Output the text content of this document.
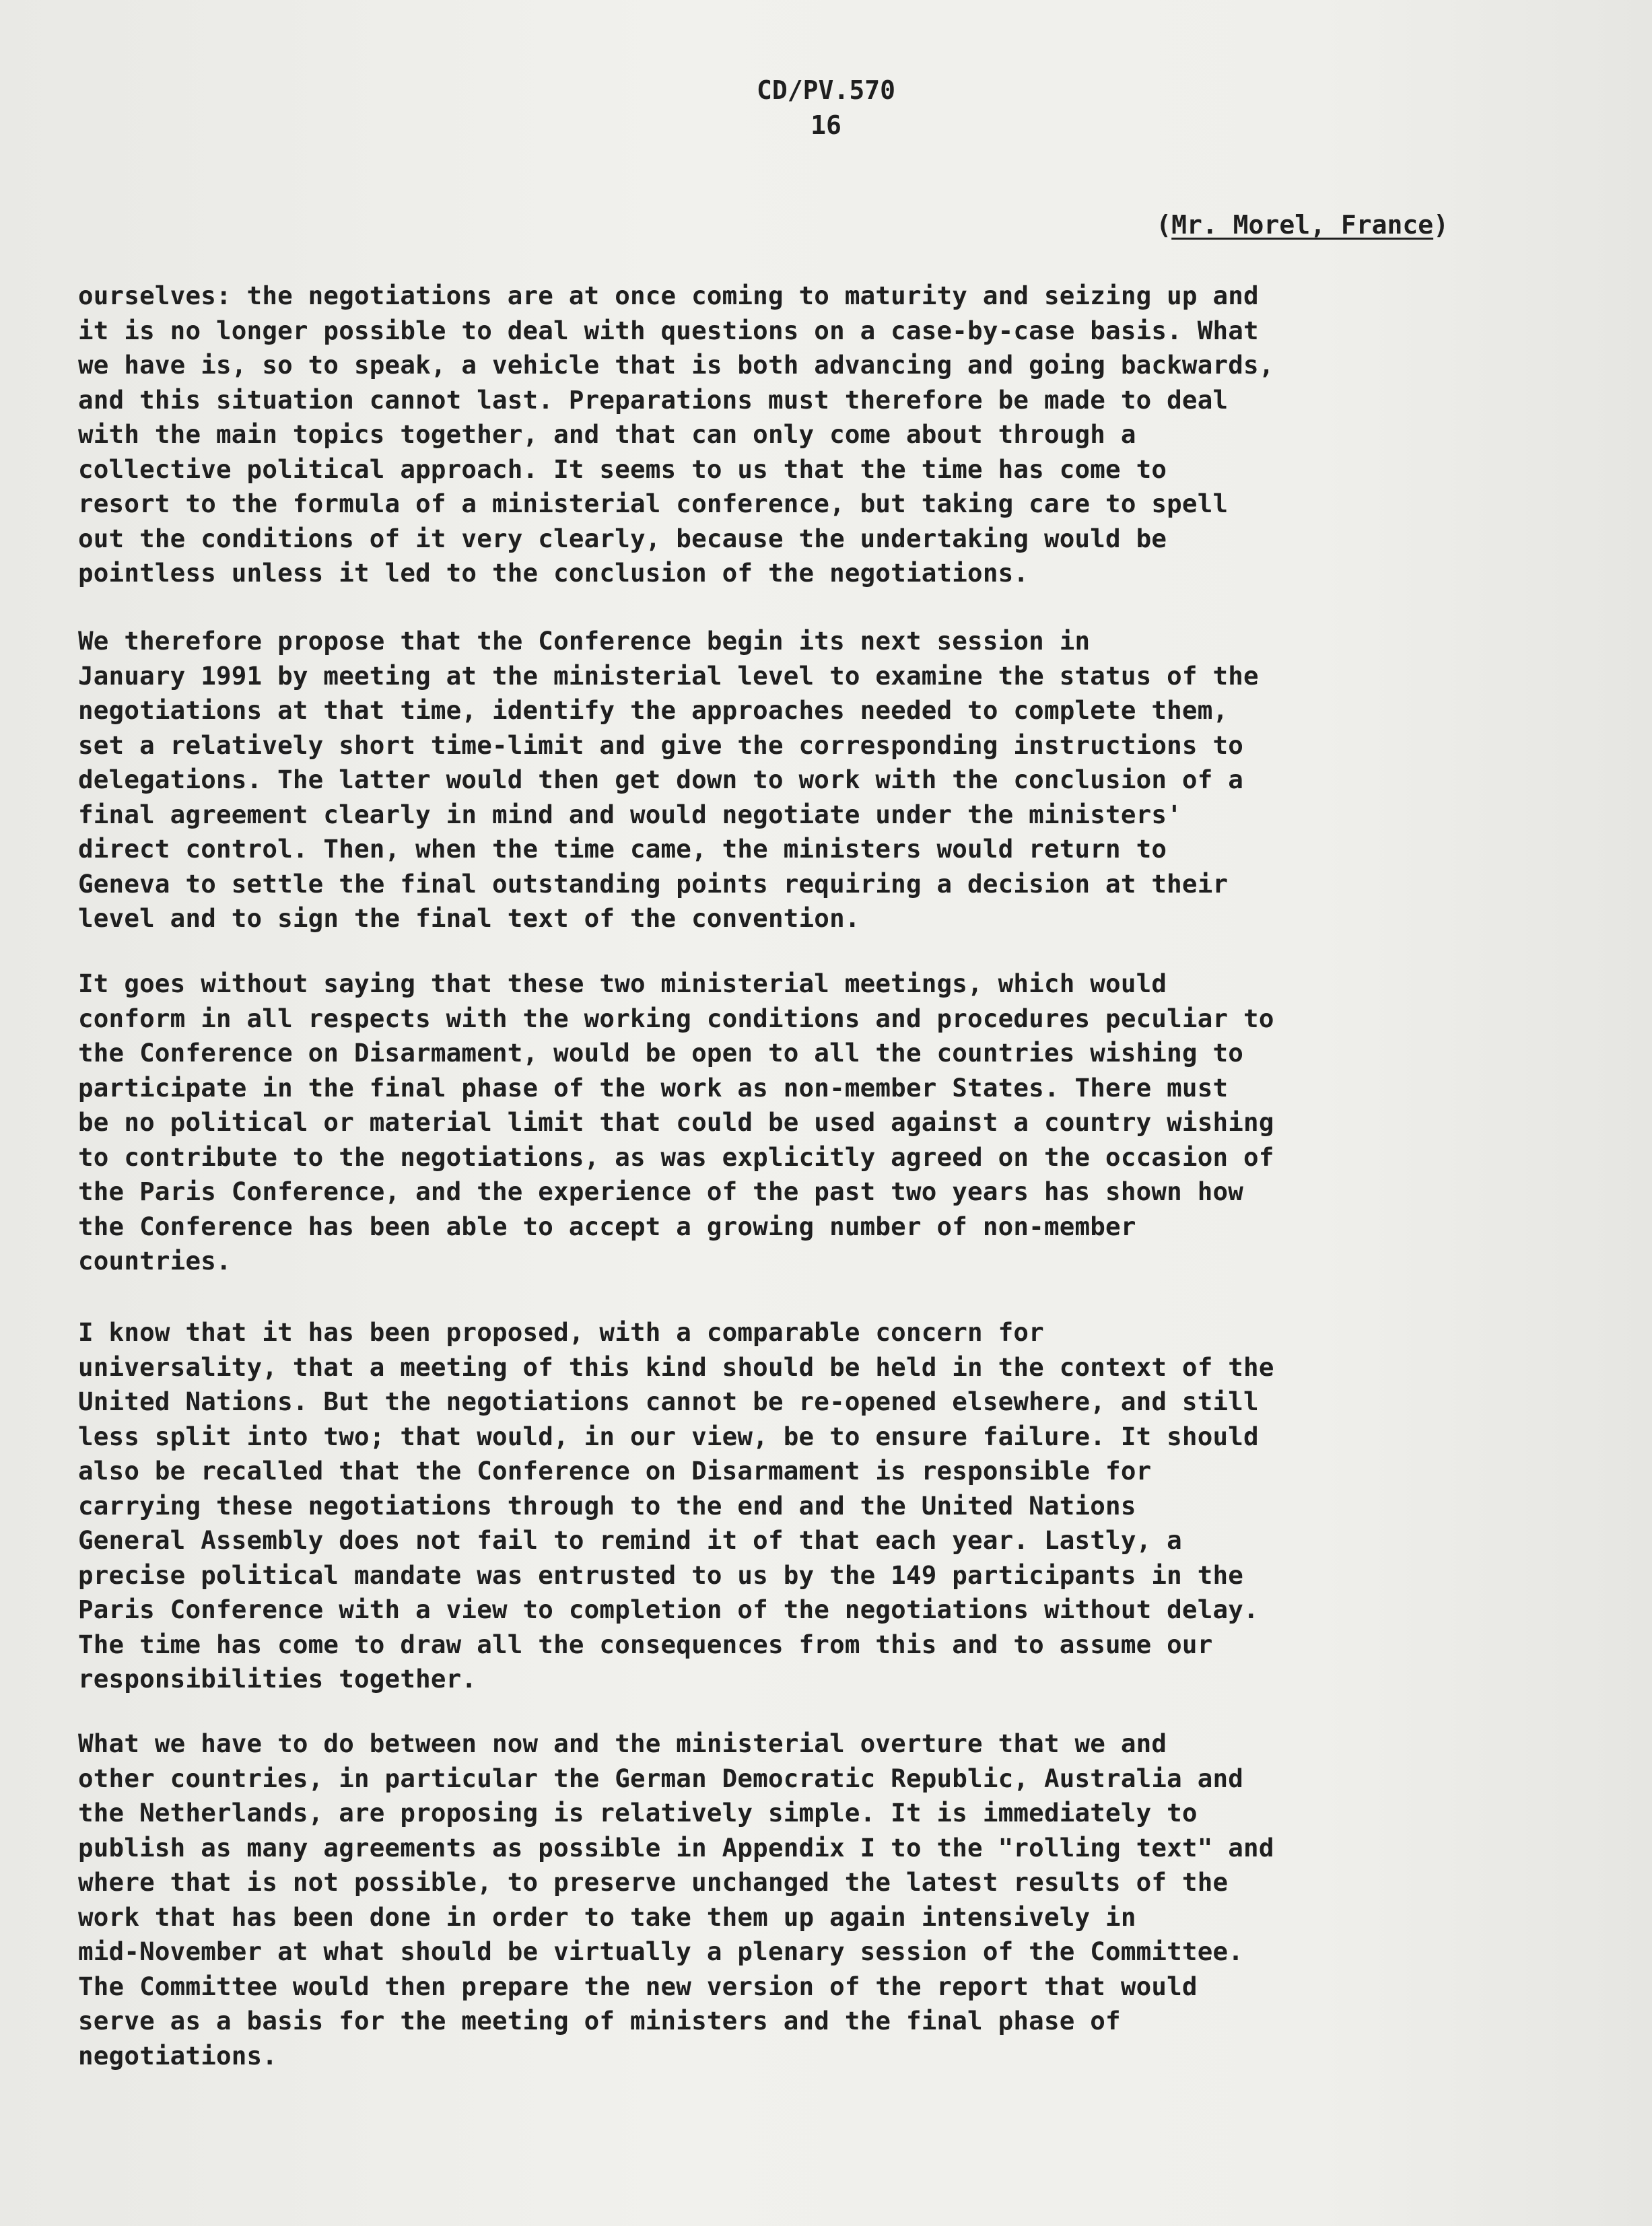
CD/PV.570
16
(Mr. Morel, France)
ourselves: the negotiations are at once coming to maturity and seizing up and
it is no longer possible to deal with questions on a case-by-case basis. What
we have is, so to speak, a vehicle that is both advancing and going backwards,
and this situation cannot last. Preparations must therefore be made to deal
with the main topics together, and that can only come about through a
collective political approach. It seems to us that the time has come to
resort to the formula of a ministerial conference, but taking care to spell
out the conditions of it very clearly, because the undertaking would be
pointless unless it led to the conclusion of the negotiations.
We therefore propose that the Conference begin its next session in
January 1991 by meeting at the ministerial level to examine the status of the
negotiations at that time, identify the approaches needed to complete them,
set a relatively short time-limit and give the corresponding instructions to
delegations. The latter would then get down to work with the conclusion of a
final agreement clearly in mind and would negotiate under the ministers'
direct control. Then, when the time came, the ministers would return to
Geneva to settle the final outstanding points requiring a decision at their
level and to sign the final text of the convention.
It goes without saying that these two ministerial meetings, which would
conform in all respects with the working conditions and procedures peculiar to
the Conference on Disarmament, would be open to all the countries wishing to
participate in the final phase of the work as non-member States. There must
be no political or material limit that could be used against a country wishing
to contribute to the negotiations, as was explicitly agreed on the occasion of
the Paris Conference, and the experience of the past two years has shown how
the Conference has been able to accept a growing number of non-member
countries.
I know that it has been proposed, with a comparable concern for
universality, that a meeting of this kind should be held in the context of the
United Nations. But the negotiations cannot be re-opened elsewhere, and still
less split into two; that would, in our view, be to ensure failure. It should
also be recalled that the Conference on Disarmament is responsible for
carrying these negotiations through to the end and the United Nations
General Assembly does not fail to remind it of that each year. Lastly, a
precise political mandate was entrusted to us by the 149 participants in the
Paris Conference with a view to completion of the negotiations without delay.
The time has come to draw all the consequences from this and to assume our
responsibilities together.
What we have to do between now and the ministerial overture that we and
other countries, in particular the German Democratic Republic, Australia and
the Netherlands, are proposing is relatively simple. It is immediately to
publish as many agreements as possible in Appendix I to the "rolling text" and
where that is not possible, to preserve unchanged the latest results of the
work that has been done in order to take them up again intensively in
mid-November at what should be virtually a plenary session of the Committee.
The Committee would then prepare the new version of the report that would
serve as a basis for the meeting of ministers and the final phase of
negotiations.
